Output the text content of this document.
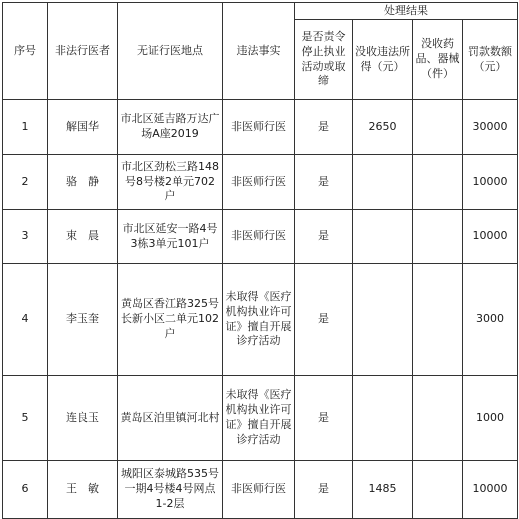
序号	非法行医者	无证行医地点	违法事实	处理结果			
				是否责令停止执业活动或取缔	没收违法所得（元）	没收药品、器械（件）	罚款数额（元）
1	解国华	市北区延吉路万达广场A座2019	非医师行医	是	2650		30000
2	骆　静	市北区劲松三路148号8号楼2单元702户	非医师行医	是			10000
3	束　晨	市北区延安一路4号3栋3单元101户	非医师行医	是			10000
4	李玉奎	黄岛区香江路325号长新小区二单元102户	未取得《医疗机构执业许可证》擅自开展诊疗活动	是			3000
5	连良玉	黄岛区泊里镇河北村	未取得《医疗机构执业许可证》擅自开展诊疗活动	是			1000
6	王　敏	城阳区泰城路535号一期4号楼4号网点1-2层	非医师行医	是	1485		10000
